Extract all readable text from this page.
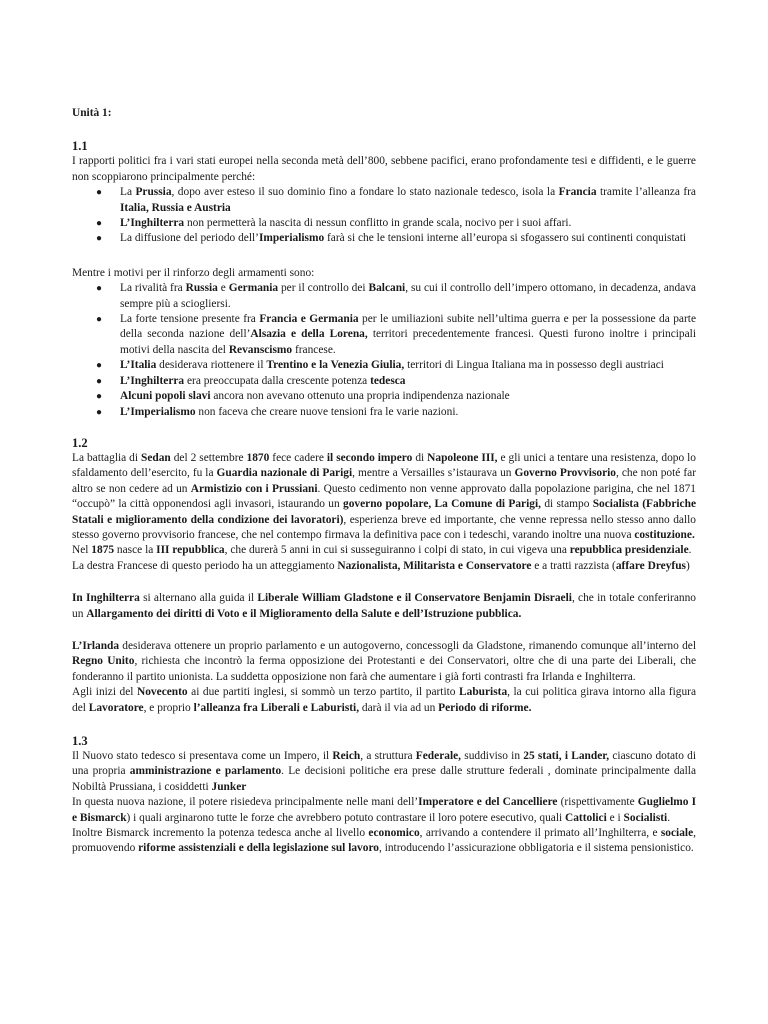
Unità 1:
1.1

I rapporti politici fra i vari stati europei nella seconda metà dell’800, sebbene pacifici, erano profondamente tesi e diffidenti, e le guerre non scoppiarono principalmente perché:

● La Prussia, dopo aver esteso il suo dominio fino a fondare lo stato nazionale tedesco, isola la Francia tramite l’alleanza fra Italia, Russia e Austria
● L’Inghilterra non permetterà la nascita di nessun conflitto in grande scala, nocivo per i suoi affari.
● La diffusione del periodo dell’Imperialismo farà si che le tensioni interne all’europa si sfogassero sui continenti conquistati

Mentre i motivi per il rinforzo degli armamenti sono:

● La rivalità fra Russia e Germania per il controllo dei Balcani, su cui il controllo dell’impero ottomano, in decadenza, andava sempre più a sciogliersi.
● La forte tensione presente fra Francia e Germania per le umiliazioni subite nell’ultima guerra e per la possessione da parte della seconda nazione dell’Alsazia e della Lorena, territori precedentemente francesi. Questi furono inoltre i principali motivi della nascita del Revanscismo francese.
● L’Italia desiderava riottenere il Trentino e la Venezia Giulia, territori di Lingua Italiana ma in possesso degli austriaci
● L’Inghilterra era preoccupata dalla crescente potenza tedesca
● Alcuni popoli slavi ancora non avevano ottenuto una propria indipendenza nazionale
● L’Imperialismo non faceva che creare nuove tensioni fra le varie nazioni.
1.2

La battaglia di Sedan del 2 settembre 1870 fece cadere il secondo impero di Napoleone III, e gli unici a tentare una resistenza, dopo lo sfaldamento dell’esercito, fu la Guardia nazionale di Parigi, mentre a Versailles s’istaurava un Governo Provvisorio, che non poté far altro se non cedere ad un Armistizio con i Prussiani. Questo cedimento non venne approvato dalla popolazione parigina, che nel 1871 “occupò” la città opponendosi agli invasori, istaurando un governo popolare, La Comune di Parigi, di stampo Socialista (Fabbriche Statali e miglioramento della condizione dei lavoratori), esperienza breve ed importante, che venne repressa nello stesso anno dallo stesso governo provvisorio francese, che nel contempo firmava la definitiva pace con i tedeschi, varando inoltre una nuova costituzione.

Nel 1875 nasce la III repubblica, che durerà 5 anni in cui si susseguiranno i colpi di stato, in cui vigeva una repubblica presidenziale.

La destra Francese di questo periodo ha un atteggiamento Nazionalista, Militarista e Conservatore e a tratti razzista (affare Dreyfus)

In Inghilterra si alternano alla guida il Liberale William Gladstone e il Conservatore Benjamin Disraeli, che in totale conferiranno un Allargamento dei diritti di Voto e il Miglioramento della Salute e dell’Istruzione pubblica.

L’Irlanda desiderava ottenere un proprio parlamento e un autogoverno, concessogli da Gladstone, rimanendo comunque all’interno del Regno Unito, richiesta che incontrò la ferma opposizione dei Protestanti e dei Conservatori, oltre che di una parte dei Liberali, che fonderanno il partito unionista. La suddetta opposizione non farà che aumentare i già forti contrasti fra Irlanda e Inghilterra.

Agli inizi del Novecento ai due partiti inglesi, si sommò un terzo partito, il partito Laburista, la cui politica girava intorno alla figura del Lavoratore, e proprio l’alleanza fra Liberali e Laburisti, darà il via ad un Periodo di riforme.

1.3

Il Nuovo stato tedesco si presentava come un Impero, il Reich, a struttura Federale, suddiviso in 25 stati, i Lander, ciascuno dotato di una propria amministrazione e parlamento. Le decisioni politiche era prese dalle strutture federali , dominate principalmente dalla Nobiltà Prussiana, i cosiddetti Junker

In questa nuova nazione, il potere risiedeva principalmente nelle mani dell’Imperatore e del Cancelliere (rispettivamente Guglielmo I e Bismarck) i quali arginarono tutte le forze che avrebbero potuto contrastare il loro potere esecutivo, quali Cattolici e i Socialisti.

Inoltre Bismarck incremento la potenza tedesca anche al livello economico, arrivando a contendere il primato all’Inghilterra, e sociale, promuovendo riforme assistenziali e della legislazione sul lavoro, introducendo l’assicurazione obbligatoria e il sistema pensionistico.
